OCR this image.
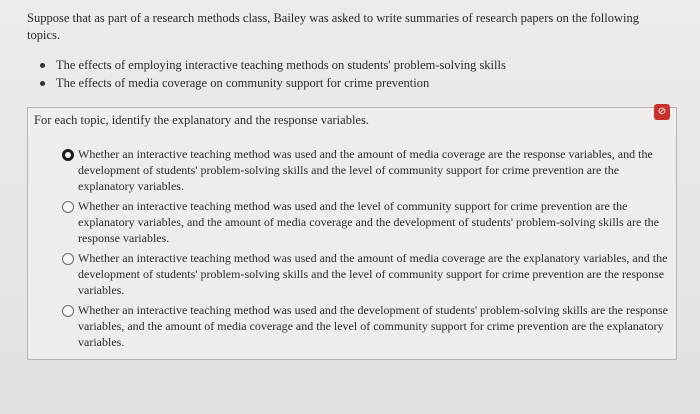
Suppose that as part of a research methods class, Bailey was asked to write summaries of research papers on the following topics.
The effects of employing interactive teaching methods on students' problem-solving skills
The effects of media coverage on community support for crime prevention
For each topic, identify the explanatory and the response variables.
⊘
Whether an interactive teaching method was used and the amount of media coverage are the response variables, and the development of students' problem-solving skills and the level of community support for crime prevention are the explanatory variables.
Whether an interactive teaching method was used and the level of community support for crime prevention are the explanatory variables, and the amount of media coverage and the development of students' problem-solving skills are the response variables.
Whether an interactive teaching method was used and the amount of media coverage are the explanatory variables, and the development of students' problem-solving skills and the level of community support for crime prevention are the response variables.
Whether an interactive teaching method was used and the development of students' problem-solving skills are the response variables, and the amount of media coverage and the level of community support for crime prevention are the explanatory variables.
